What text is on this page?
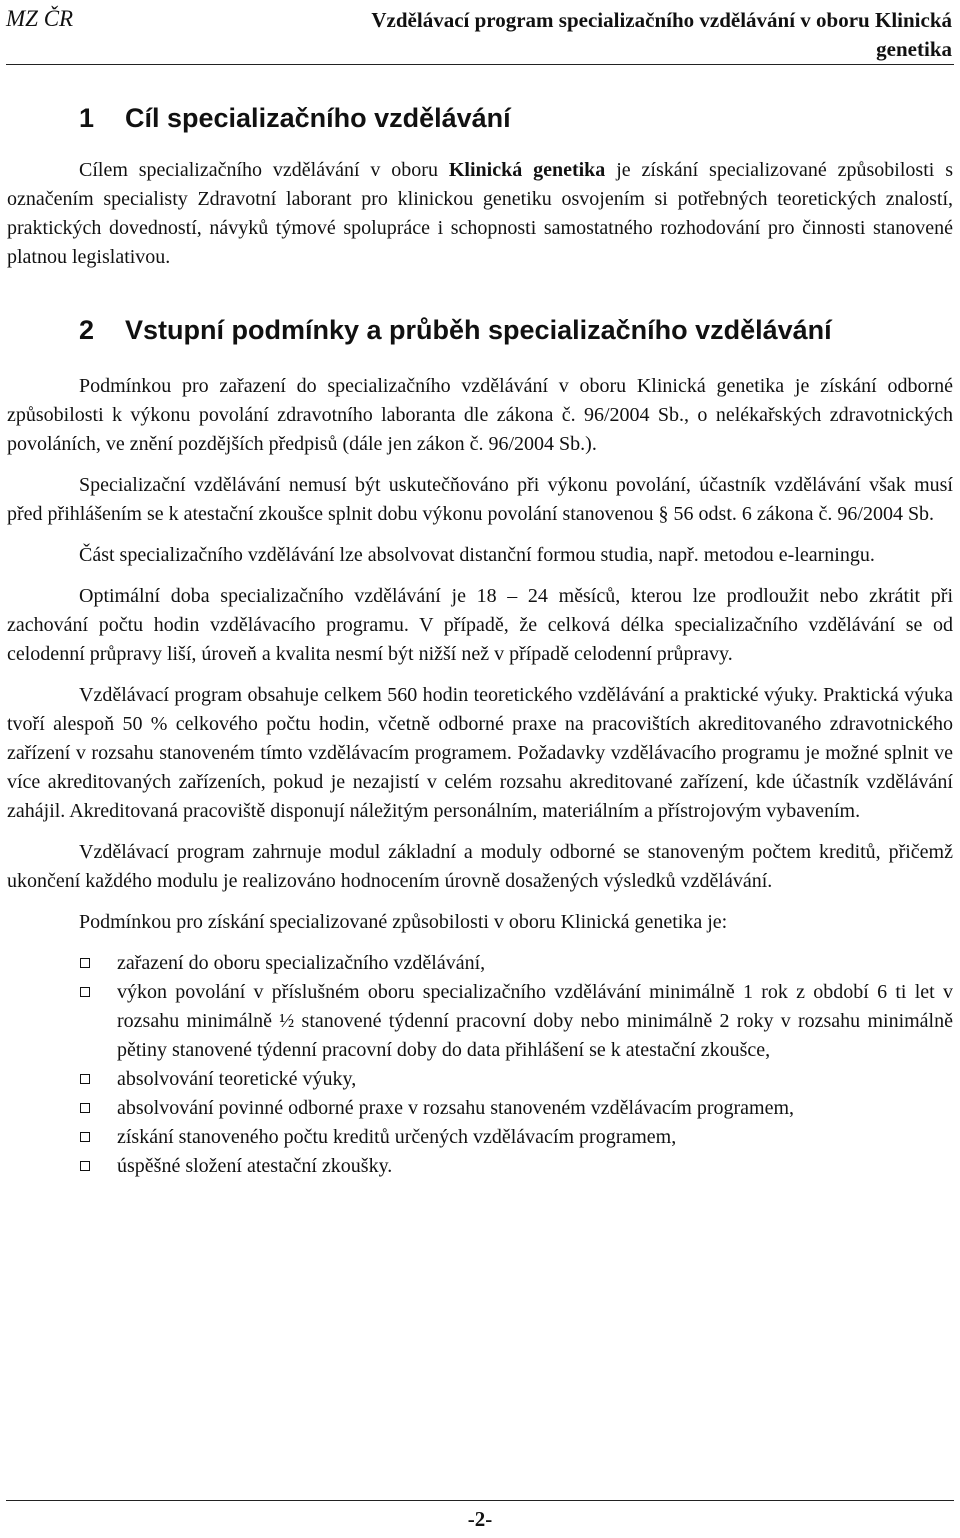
MZ ČR	Vzdělávací program specializačního vzdělávání v oboru Klinická genetika
1 Cíl specializačního vzdělávání

Cílem specializačního vzdělávání v oboru Klinická genetika je získání specializované způsobilosti s označením specialisty Zdravotní laborant pro klinickou genetiku osvojením si potřebných teoretických znalostí, praktických dovedností, návyků týmové spolupráce i schopnosti samostatného rozhodování pro činnosti stanovené platnou legislativou.

2 Vstupní podmínky a průběh specializačního vzdělávání

Podmínkou pro zařazení do specializačního vzdělávání v oboru Klinická genetika je získání odborné způsobilosti k výkonu povolání zdravotního laboranta dle zákona č. 96/2004 Sb., o nelékařských zdravotnických povoláních, ve znění pozdějších předpisů (dále jen zákon č. 96/2004 Sb.).

Specializační vzdělávání nemusí být uskutečňováno při výkonu povolání, účastník vzdělávání však musí před přihlášením se k atestační zkoušce splnit dobu výkonu povolání stanovenou § 56 odst. 6 zákona č. 96/2004 Sb.

Část specializačního vzdělávání lze absolvovat distanční formou studia, např. metodou e-learningu.

Optimální doba specializačního vzdělávání je 18 – 24 měsíců, kterou lze prodloužit nebo zkrátit při zachování počtu hodin vzdělávacího programu. V případě, že celková délka specializačního vzdělávání se od celodenní průpravy liší, úroveň a kvalita nesmí být nižší než v případě celodenní průpravy.

Vzdělávací program obsahuje celkem 560 hodin teoretického vzdělávání a praktické výuky. Praktická výuka tvoří alespoň 50 % celkového počtu hodin, včetně odborné praxe na pracovištích akreditovaného zdravotnického zařízení v rozsahu stanoveném tímto vzdělávacím programem. Požadavky vzdělávacího programu je možné splnit ve více akreditovaných zařízeních, pokud je nezajistí v celém rozsahu akreditované zařízení, kde účastník vzdělávání zahájil. Akreditovaná pracoviště disponují náležitým personálním, materiálním a přístrojovým vybavením.

Vzdělávací program zahrnuje modul základní a moduly odborné se stanoveným počtem kreditů, přičemž ukončení každého modulu je realizováno hodnocením úrovně dosažených výsledků vzdělávání.

Podmínkou pro získání specializované způsobilosti v oboru Klinická genetika je:

zařazení do oboru specializačního vzdělávání,
výkon povolání v příslušném oboru specializačního vzdělávání minimálně 1 rok z období 6 ti let v rozsahu minimálně ½ stanovené týdenní pracovní doby nebo minimálně 2 roky v rozsahu minimálně pětiny stanovené týdenní pracovní doby do data přihlášení se k atestační zkoušce,
absolvování teoretické výuky,
absolvování povinné odborné praxe v rozsahu stanoveném vzdělávacím programem,
získání stanoveného počtu kreditů určených vzdělávacím programem,
úspěšné složení atestační zkoušky.
-2-
